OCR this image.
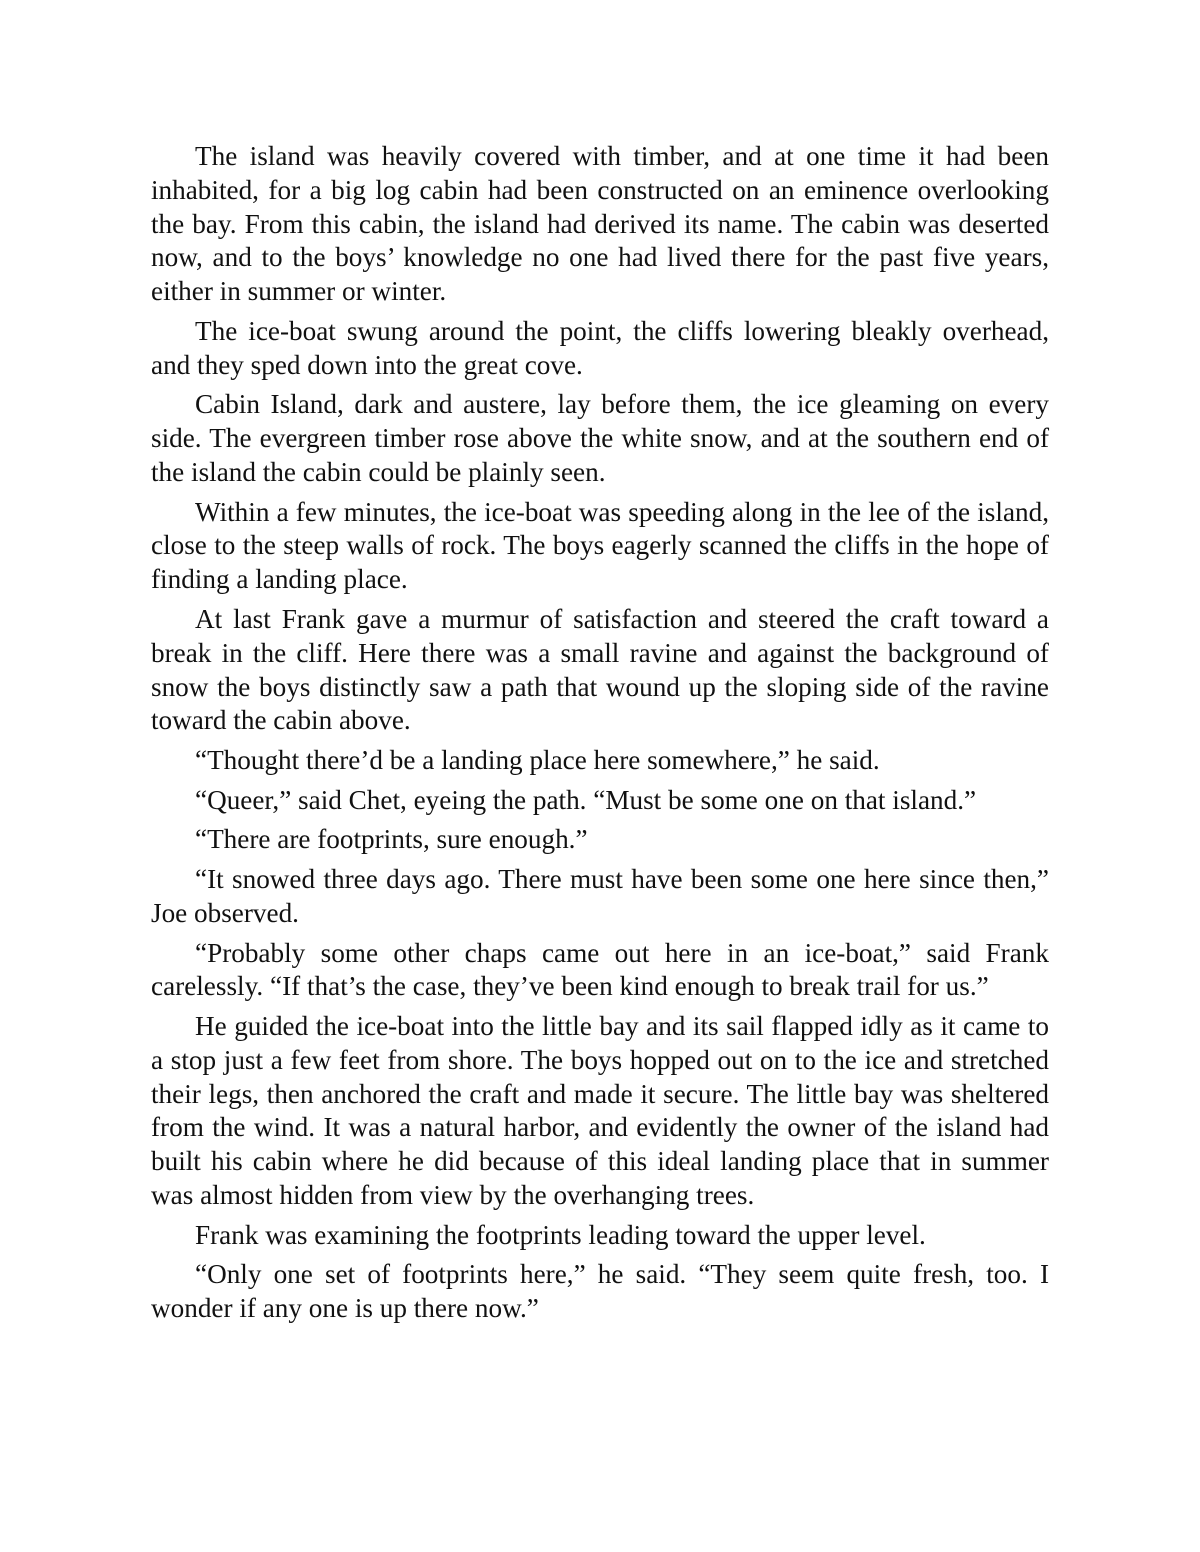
The island was heavily covered with timber, and at one time it had been inhabited, for a big log cabin had been constructed on an eminence overlooking the bay. From this cabin, the island had derived its name. The cabin was deserted now, and to the boys’ knowledge no one had lived there for the past five years, either in summer or winter.

The ice-boat swung around the point, the cliffs lowering bleakly overhead, and they sped down into the great cove.

Cabin Island, dark and austere, lay before them, the ice gleaming on every side. The evergreen timber rose above the white snow, and at the southern end of the island the cabin could be plainly seen.

Within a few minutes, the ice-boat was speeding along in the lee of the island, close to the steep walls of rock. The boys eagerly scanned the cliffs in the hope of finding a landing place.

At last Frank gave a murmur of satisfaction and steered the craft toward a break in the cliff. Here there was a small ravine and against the background of snow the boys distinctly saw a path that wound up the sloping side of the ravine toward the cabin above.

“Thought there’d be a landing place here somewhere,” he said.

“Queer,” said Chet, eyeing the path. “Must be some one on that island.”

“There are footprints, sure enough.”

“It snowed three days ago. There must have been some one here since then,” Joe observed.

“Probably some other chaps came out here in an ice-boat,” said Frank carelessly. “If that’s the case, they’ve been kind enough to break trail for us.”

He guided the ice-boat into the little bay and its sail flapped idly as it came to a stop just a few feet from shore. The boys hopped out on to the ice and stretched their legs, then anchored the craft and made it secure. The little bay was sheltered from the wind. It was a natural harbor, and evidently the owner of the island had built his cabin where he did because of this ideal landing place that in summer was almost hidden from view by the overhanging trees.

Frank was examining the footprints leading toward the upper level.

“Only one set of footprints here,” he said. “They seem quite fresh, too. I wonder if any one is up there now.”
